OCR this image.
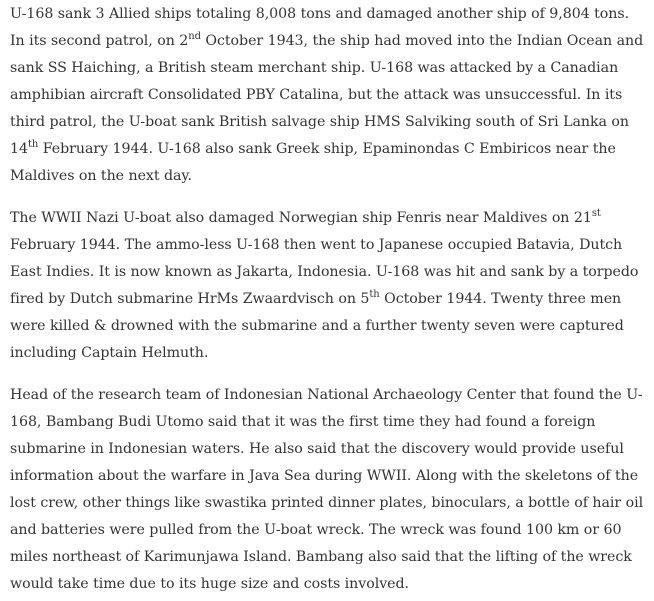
U-168 sank 3 Allied ships totaling 8,008 tons and damaged another ship of 9,804 tons. In its second patrol, on 2nd October 1943, the ship had moved into the Indian Ocean and sank SS Haiching, a British steam merchant ship. U-168 was attacked by a Canadian amphibian aircraft Consolidated PBY Catalina, but the attack was unsuccessful. In its third patrol, the U-boat sank British salvage ship HMS Salviking south of Sri Lanka on 14th February 1944. U-168 also sank Greek ship, Epaminondas C Embiricos near the Maldives on the next day.

The WWII Nazi U-boat also damaged Norwegian ship Fenris near Maldives on 21st February 1944. The ammo-less U-168 then went to Japanese occupied Batavia, Dutch East Indies. It is now known as Jakarta, Indonesia. U-168 was hit and sank by a torpedo fired by Dutch submarine HrMs Zwaardvisch on 5th October 1944. Twenty three men were killed & drowned with the submarine and a further twenty seven were captured including Captain Helmuth.

Head of the research team of Indonesian National Archaeology Center that found the U-168, Bambang Budi Utomo said that it was the first time they had found a foreign submarine in Indonesian waters. He also said that the discovery would provide useful information about the warfare in Java Sea during WWII. Along with the skeletons of the lost crew, other things like swastika printed dinner plates, binoculars, a bottle of hair oil and batteries were pulled from the U-boat wreck. The wreck was found 100 km or 60 miles northeast of Karimunjawa Island. Bambang also said that the lifting of the wreck would take time due to its huge size and costs involved.
